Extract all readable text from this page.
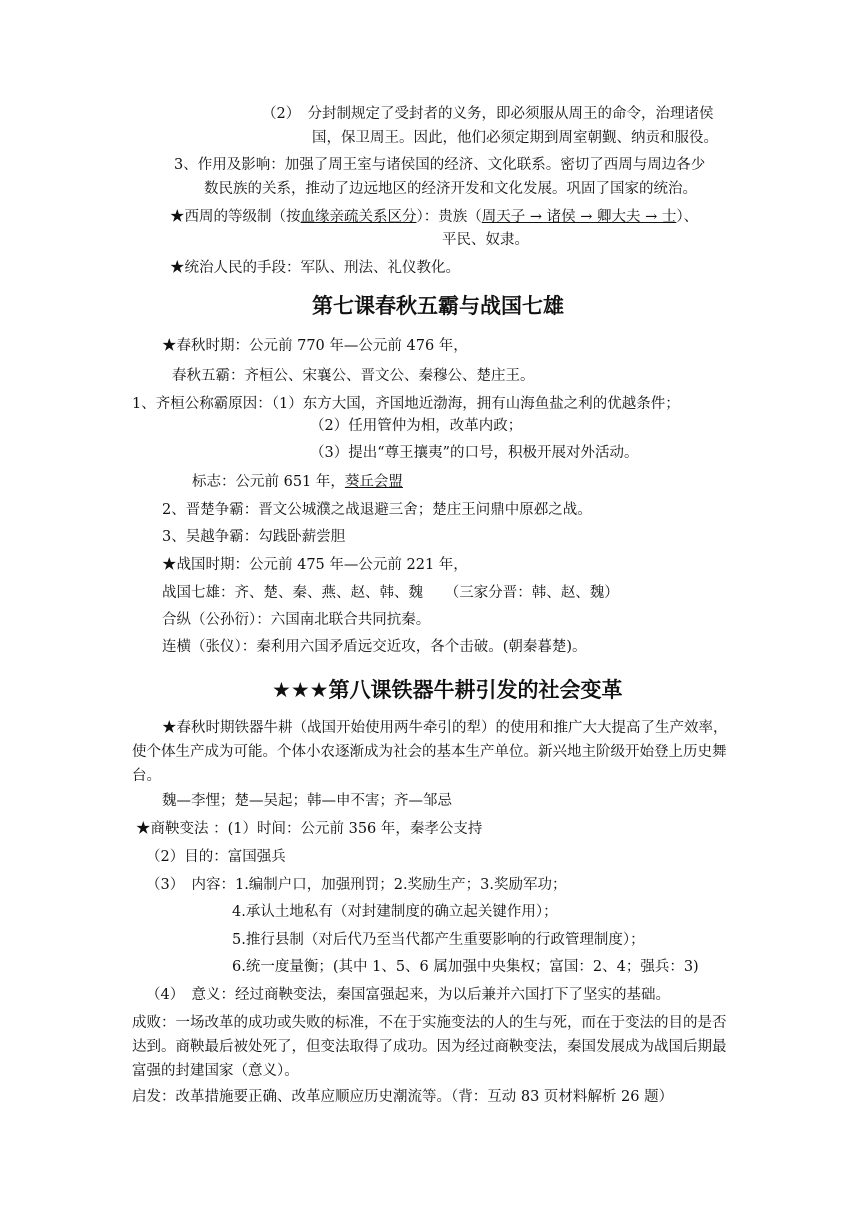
（2）　分封制规定了受封者的义务，即必须服从周王的命令，治理诸侯
国，保卫周王。因此，他们必须定期到周室朝觐、纳贡和服役。
3、作用及影响：加强了周王室与诸侯国的经济、文化联系。密切了西周与周边各少
数民族的关系，推动了边远地区的经济开发和文化发展。巩固了国家的统治。
★西周的等级制（按血缘亲疏关系区分）：贵族（周天子 → 诸侯 → 卿大夫 → 士）、
平民、奴隶。
★统治人民的手段：军队、刑法、礼仪教化。
第七课春秋五霸与战国七雄
★春秋时期：公元前 770 年—公元前 476 年，
春秋五霸：齐桓公、宋襄公、晋文公、秦穆公、楚庄王。
1、齐桓公称霸原因：（1）东方大国，齐国地近渤海，拥有山海鱼盐之利的优越条件；
（2）任用管仲为相，改革内政；
（3）提出“尊王攘夷”的口号，积极开展对外活动。
标志：公元前 651 年，葵丘会盟
2、晋楚争霸：晋文公城濮之战退避三舍；楚庄王问鼎中原邲之战。
3、吴越争霸：勾践卧薪尝胆
★战国时期：公元前 475 年—公元前 221 年，
战国七雄：齐、楚、秦、燕、赵、韩、魏　　（三家分晋：韩、赵、魏）
合纵（公孙衍）：六国南北联合共同抗秦。
连横（张仪）：秦利用六国矛盾远交近攻，各个击破。(朝秦暮楚)。
★★★第八课铁器牛耕引发的社会变革
★春秋时期铁器牛耕（战国开始使用两牛牵引的犁）的使用和推广大大提高了生产效率，使个体生产成为可能。个体小农逐渐成为社会的基本生产单位。新兴地主阶级开始登上历史舞台。
魏—李悝；楚—吴起；韩—申不害；齐—邹忌
★商鞅变法 ：(1）时间：公元前 356 年，秦孝公支持
（2）目的：富国强兵
（3）　内容：1.编制户口，加强刑罚；2.奖励生产；3.奖励军功；
4.承认土地私有（对封建制度的确立起关键作用）；
5.推行县制（对后代乃至当代都产生重要影响的行政管理制度）；
6.统一度量衡；(其中 1、5、6 属加强中央集权；富国：2、4；强兵：3)
（4）　意义：经过商鞅变法，秦国富强起来，为以后兼并六国打下了坚实的基础。
成败：一场改革的成功或失败的标准，不在于实施变法的人的生与死，而在于变法的目的是否达到。商鞅最后被处死了，但变法取得了成功。因为经过商鞅变法，秦国发展成为战国后期最富强的封建国家（意义）。
启发：改革措施要正确、改革应顺应历史潮流等。（背：互动 83 页材料解析 26 题）
